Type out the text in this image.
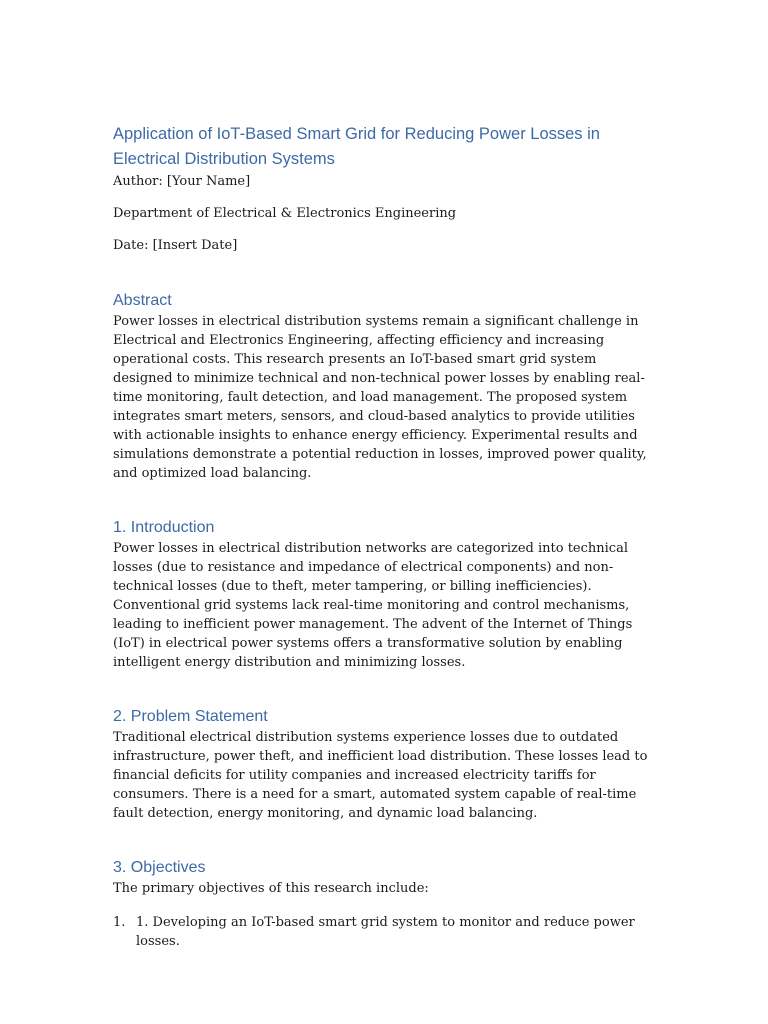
Application of IoT-Based Smart Grid for Reducing Power Losses in Electrical Distribution Systems

Author: [Your Name]

Department of Electrical & Electronics Engineering

Date: [Insert Date]

Abstract

Power losses in electrical distribution systems remain a significant challenge in Electrical and Electronics Engineering, affecting efficiency and increasing operational costs. This research presents an IoT-based smart grid system designed to minimize technical and non-technical power losses by enabling real-time monitoring, fault detection, and load management. The proposed system integrates smart meters, sensors, and cloud-based analytics to provide utilities with actionable insights to enhance energy efficiency. Experimental results and simulations demonstrate a potential reduction in losses, improved power quality, and optimized load balancing.

1. Introduction

Power losses in electrical distribution networks are categorized into technical losses (due to resistance and impedance of electrical components) and non-technical losses (due to theft, meter tampering, or billing inefficiencies). Conventional grid systems lack real-time monitoring and control mechanisms, leading to inefficient power management. The advent of the Internet of Things (IoT) in electrical power systems offers a transformative solution by enabling intelligent energy distribution and minimizing losses.

2. Problem Statement

Traditional electrical distribution systems experience losses due to outdated infrastructure, power theft, and inefficient load distribution. These losses lead to financial deficits for utility companies and increased electricity tariffs for consumers. There is a need for a smart, automated system capable of real-time fault detection, energy monitoring, and dynamic load balancing.

3. Objectives

The primary objectives of this research include:

1. 1. Developing an IoT-based smart grid system to monitor and reduce power losses.
